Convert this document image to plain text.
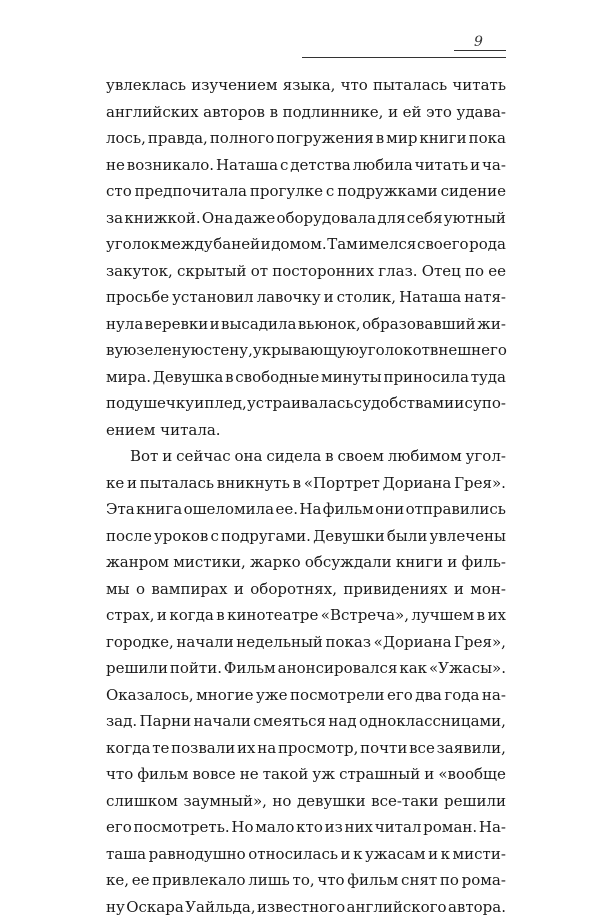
9
увлеклась изучением языка, что пыталась читать
английских авторов в подлиннике, и ей это удава-
лось, правда, полного погружения в мир книги пока
не возникало. Наташа с детства любила читать и ча-
сто предпочитала прогулке с подружками сидение
за книжкой. Она даже оборудовала для себя уютный
уголок между баней и домом. Там имелся своего рода
закуток, скрытый от посторонних глаз. Отец по ее
просьбе установил лавочку и столик, Наташа натя-
нула веревки и высадила вьюнок, образовавший жи-
вую зеленую стену, укрывающую уголок от внешнего
мира. Девушка в свободные минуты приносила туда
подушечку и плед, устраивалась с удобствами и с упо-
ением читала.
Вот и сейчас она сидела в своем любимом угол-
ке и пыталась вникнуть в «Портрет Дориана Грея».
Эта книга ошеломила ее. На фильм они отправились
после уроков с подругами. Девушки были увлечены
жанром мистики, жарко обсуждали книги и филь-
мы о вампирах и оборотнях, привидениях и мон-
страх, и когда в кинотеатре «Встреча», лучшем в их
городке, начали недельный показ «Дориана Грея»,
решили пойти. Фильм анонсировался как «Ужасы».
Оказалось, многие уже посмотрели его два года на-
зад. Парни начали смеяться над одноклассницами,
когда те позвали их на просмотр, почти все заявили,
что фильм вовсе не такой уж страшный и «вообще
слишком заумный», но девушки все-таки решили
его посмотреть. Но мало кто из них читал роман. На-
таша равнодушно относилась и к ужасам и к мисти-
ке, ее привлекало лишь то, что фильм снят по рома-
ну Оскара Уайльда, известного английского автора.
